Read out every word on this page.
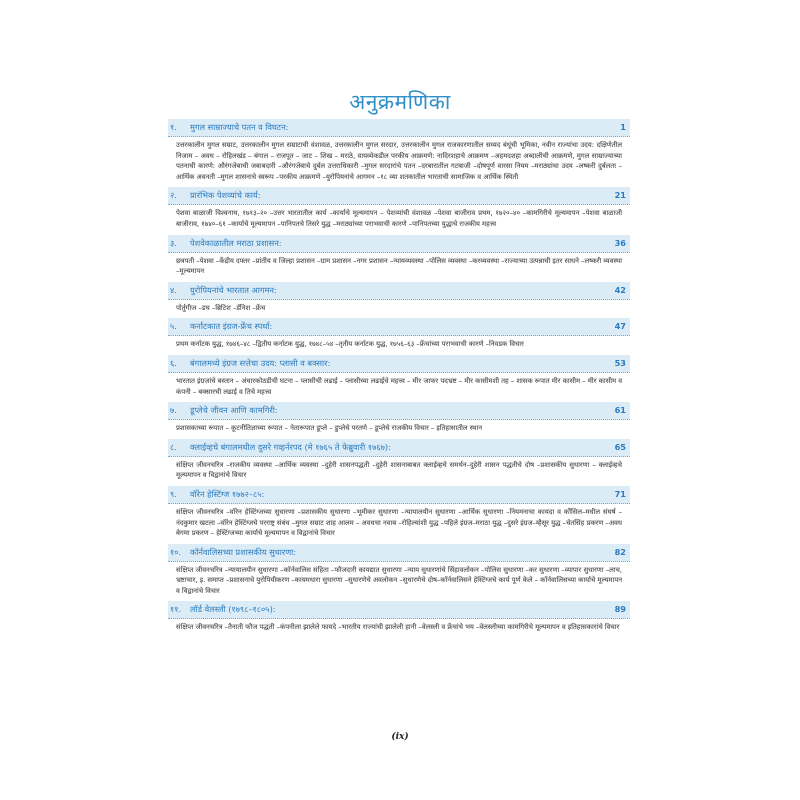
अनुक्रमणिका
१. मुगल साम्राज्याचे पतन व विघटन:	1
उत्तरकालीन मुगल सम्राट, उत्तरकालीन मुगल सम्राटाची वंशावळ, उत्तरकालीन मुगल सरदार, उत्तरकालीन मुगल राजकारणातील सय्यद बंधूंची भूमिका, नवीन राज्यांचा उदय: दक्षिणेतील निजाम – अवध – रोहिलखंड – बंगाल – राजपूत – जाट – शिख – मराठे, वायव्येकडील परकीय आक्रमणे: नादिरशहाचे आक्रमण –अहमदशहा अब्दालीची आक्रमणे, मुगल साम्राज्याच्या पतनाची कारणे: औरंगजेबाची जबाबदारी –औरंगजेबाचे दुर्बल उत्तराधिकारी –मुगल सरदारांचे पतन –दरबारातील गटबाजी –दोषपूर्ण वारसा नियम –मराठ्यांचा उदय –लष्करी दुर्बलता –आर्थिक अवनती –मुगल शासनाचे स्वरूप –परकीय आक्रमणे –युरोपियनांचे आगमन –१८ व्या शतकातील भारताची सामाजिक व आर्थिक स्थिती
२. प्रारंभिक पेशव्यांचे कार्य:	21
पेशवा बाळाजी विश्वनाथ, १७१३–२० –उत्तर भारतातील कार्य –कार्याचे मूल्यमापन – पेशव्यांची वंशावळ –पेशवा बाजीराव प्रथम, १७२०–४० –कामगिरीचे मूल्यमापन –पेशवा बाळाजी बाजीराव, १७४०–६१ –कार्याचे मूल्यमापन –पानिपतचे तिसरे युद्ध –मराठ्यांच्या पराभवाची कारणे –पानिपतच्या युद्धाचे राजकीय महत्त्व
३. पेशवेकाळातील मराठा प्रशासन:	36
छत्रपती –पेशवा –केंद्रीय दफ्तर –प्रांतीय व जिल्हा प्रशासन –ग्राम प्रशासन –नगर प्रशासन –न्यायव्यवस्था –पोलिस व्यवस्था –करव्यवस्था –राज्याच्या उत्पन्नाची इतर साधने –लष्करी व्यवस्था –मूल्यमापन
४. युरोपियनांचे भारतात आगमन:	42
पोर्तुगीज –डच –ब्रिटिश –डॅनिश –फ्रेंच
५. कर्नाटकात इंग्रज-फ्रेंच स्पर्धा:	47
प्रथम कर्नाटक युद्ध, १७४६–४८ –द्वितीय कर्नाटक युद्ध, १७४८–५४ –तृतीय कर्नाटक युद्ध, १७५६–६३ –फ्रेंचांच्या पराभवाची कारणे –निवडक विचार
६. बंगालमध्ये इंग्रज सत्तेचा उदय: प्लासी व बक्सार:	53
भारतात इंग्रजांचे बस्तान – अंधारकोठडीची घटना – प्लासीची लढाई – प्लासीच्या लढाईचे महत्त्व – मीर जाफर पदभ्रष्ट – मीर कासीमशी तह – शासक रूपात मीर कासीम – मीर कासीम व कंपनी – बक्सारची लढाई व तिचे महत्त्व
७. डूप्लेचे जीवन आणि कामगिरी:	61
प्रशासकाच्या रूपात – कूटनीतिज्ञाच्या रूपात – नेतारूपात डूप्ले – डुप्लेचे परतणे – डूप्लेचे राजकीय विचार – इतिहासातील स्थान
८. क्लाईव्हचे बंगालमधील दुसरे गव्हर्नरपद (मे १७६५ ते फेब्रुवारी १७६७):	65
संक्षिप्त जीवनचरित्र –राजकीय व्यवस्था –आर्थिक व्यवस्था –दुहेरी शासनपद्धती –दुहेरी शासनाबाबत क्लाईव्हचे समर्थन–दुहेरी शासन पद्धतीचे दोष –प्रशासकीय सुधारणा – क्लाईव्हचे मूल्यमापन व विद्वानांचे विचार
९. वॉरेन हेस्टिंग्ज १७७२–८५:	71
संक्षिप्त जीवनचरित्र –वॉरेन हेस्टिंग्जच्या सुधारणा –प्रशासकीय सुधारणा –भूमीकर सुधारणा –न्यायालयीन सुधारणा –आर्थिक सुधारणा –नियमनाचा कायदा व कौंसिल–मधील संघर्ष –नंदकुमार खटला –वॉरेन हेस्टिंग्जचे परराष्ट्र संबंध –मुगल सम्राट शाह आलम – अवधचा नवाब –रोहिल्यांशी युद्ध –पहिले इंग्रज–मराठा युद्ध –दुसरे इंग्रज–म्हैसूर युद्ध –चेतसिंह प्रकरण –अवध बेगमा प्रकरण – हेस्टिंग्जच्या कार्याचे मूल्यमापन व विद्वानांचे विचार
१०. कॉर्नवालिसच्या प्रशासकीय सुधारणा:	82
संक्षिप्त जीवनचरित्र –न्यायालयीन सुधारणा –कॉर्नवालिस संहिता –फौजदारी कायद्यात सुधारणा –न्याय सुधारणांचे सिंहावलोकन –पोलिस सुधारणा –कर सुधारणा –व्यापार सुधारणा –लाच, भ्रष्टाचार, इ. समाप्त –प्रशासनाचे युरोपियीकरण –कायमधारा सुधारणा –सुधारणेचे अवलोकन –सुधारणेचे दोष–कॉर्नवालिसने हेस्टिंग्जचे कार्य पूर्ण केले – कॉर्नवालिसच्या कार्याचे मूल्यमापन व विद्वानांचे विचार
११. लॉर्ड वेलस्ली (१७९८–१८०५):	89
संक्षिप्त जीवनचरित्र –तैनाती फौज पद्धती –कंपनीला झालेले फायदे –भारतीय राज्यांची झालेली हानी –वेलस्ली व फ्रेंचांचे भय –वेलस्लीच्या कामगिरीचे मूल्यमापन व इतिहासकारांचे विचार
(ix)
